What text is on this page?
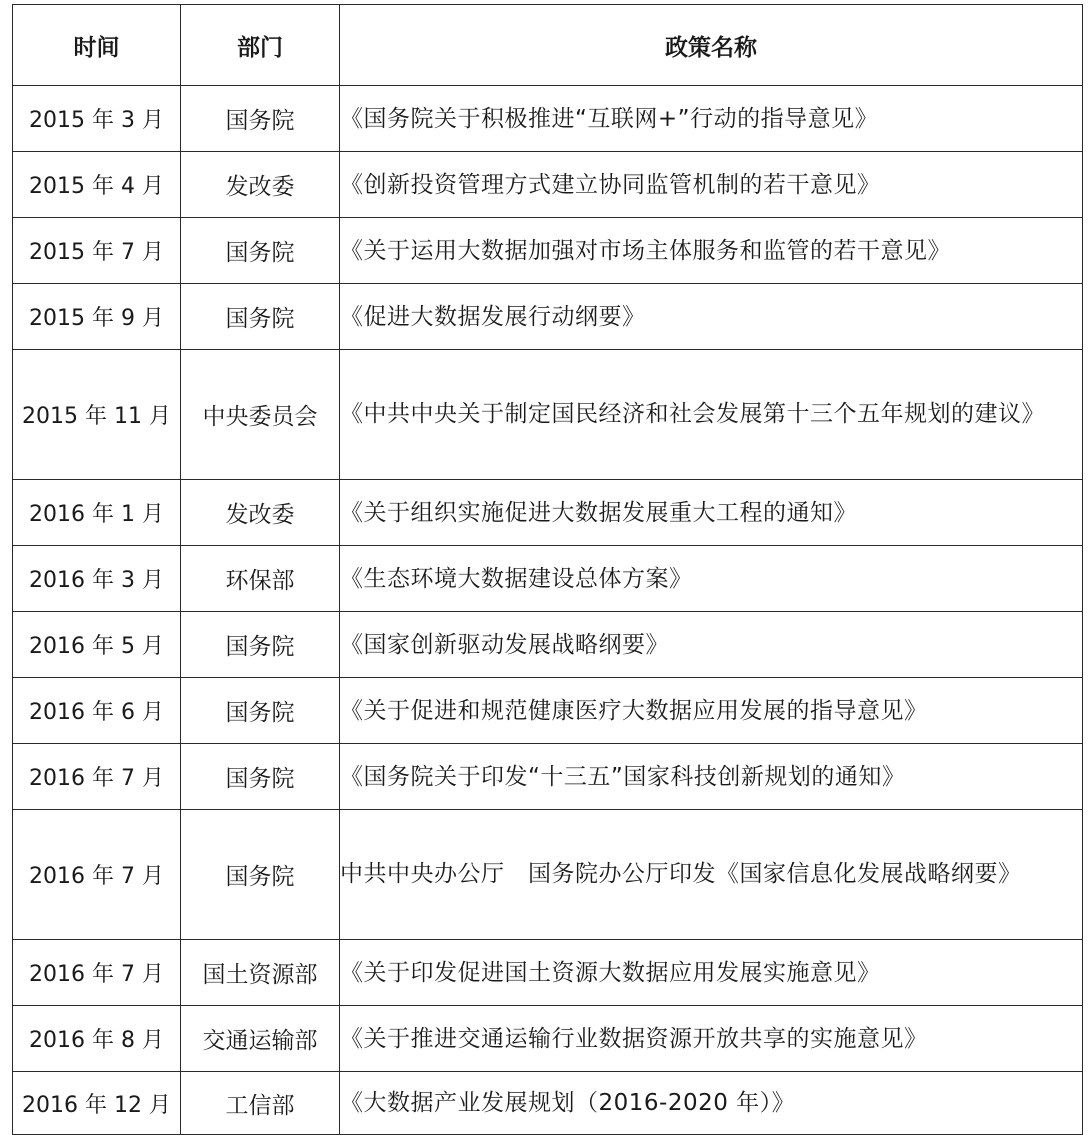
时间	部门	政策名称
2015 年 3 月	国务院	《国务院关于积极推进“互联网+”行动的指导意见》
2015 年 4 月	发改委	《创新投资管理方式建立协同监管机制的若干意见》
2015 年 7 月	国务院	《关于运用大数据加强对市场主体服务和监管的若干意见》
2015 年 9 月	国务院	《促进大数据发展行动纲要》
2015 年 11 月	中央委员会	《中共中央关于制定国民经济和社会发展第十三个五年规划的建议》
2016 年 1 月	发改委	《关于组织实施促进大数据发展重大工程的通知》
2016 年 3 月	环保部	《生态环境大数据建设总体方案》
2016 年 5 月	国务院	《国家创新驱动发展战略纲要》
2016 年 6 月	国务院	《关于促进和规范健康医疗大数据应用发展的指导意见》
2016 年 7 月	国务院	《国务院关于印发“十三五”国家科技创新规划的通知》
2016 年 7 月	国务院	中共中央办公厅　国务院办公厅印发《国家信息化发展战略纲要》
2016 年 7 月	国土资源部	《关于印发促进国土资源大数据应用发展实施意见》
2016 年 8 月	交通运输部	《关于推进交通运输行业数据资源开放共享的实施意见》
2016 年 12 月	工信部	《大数据产业发展规划（2016-2020 年）》
